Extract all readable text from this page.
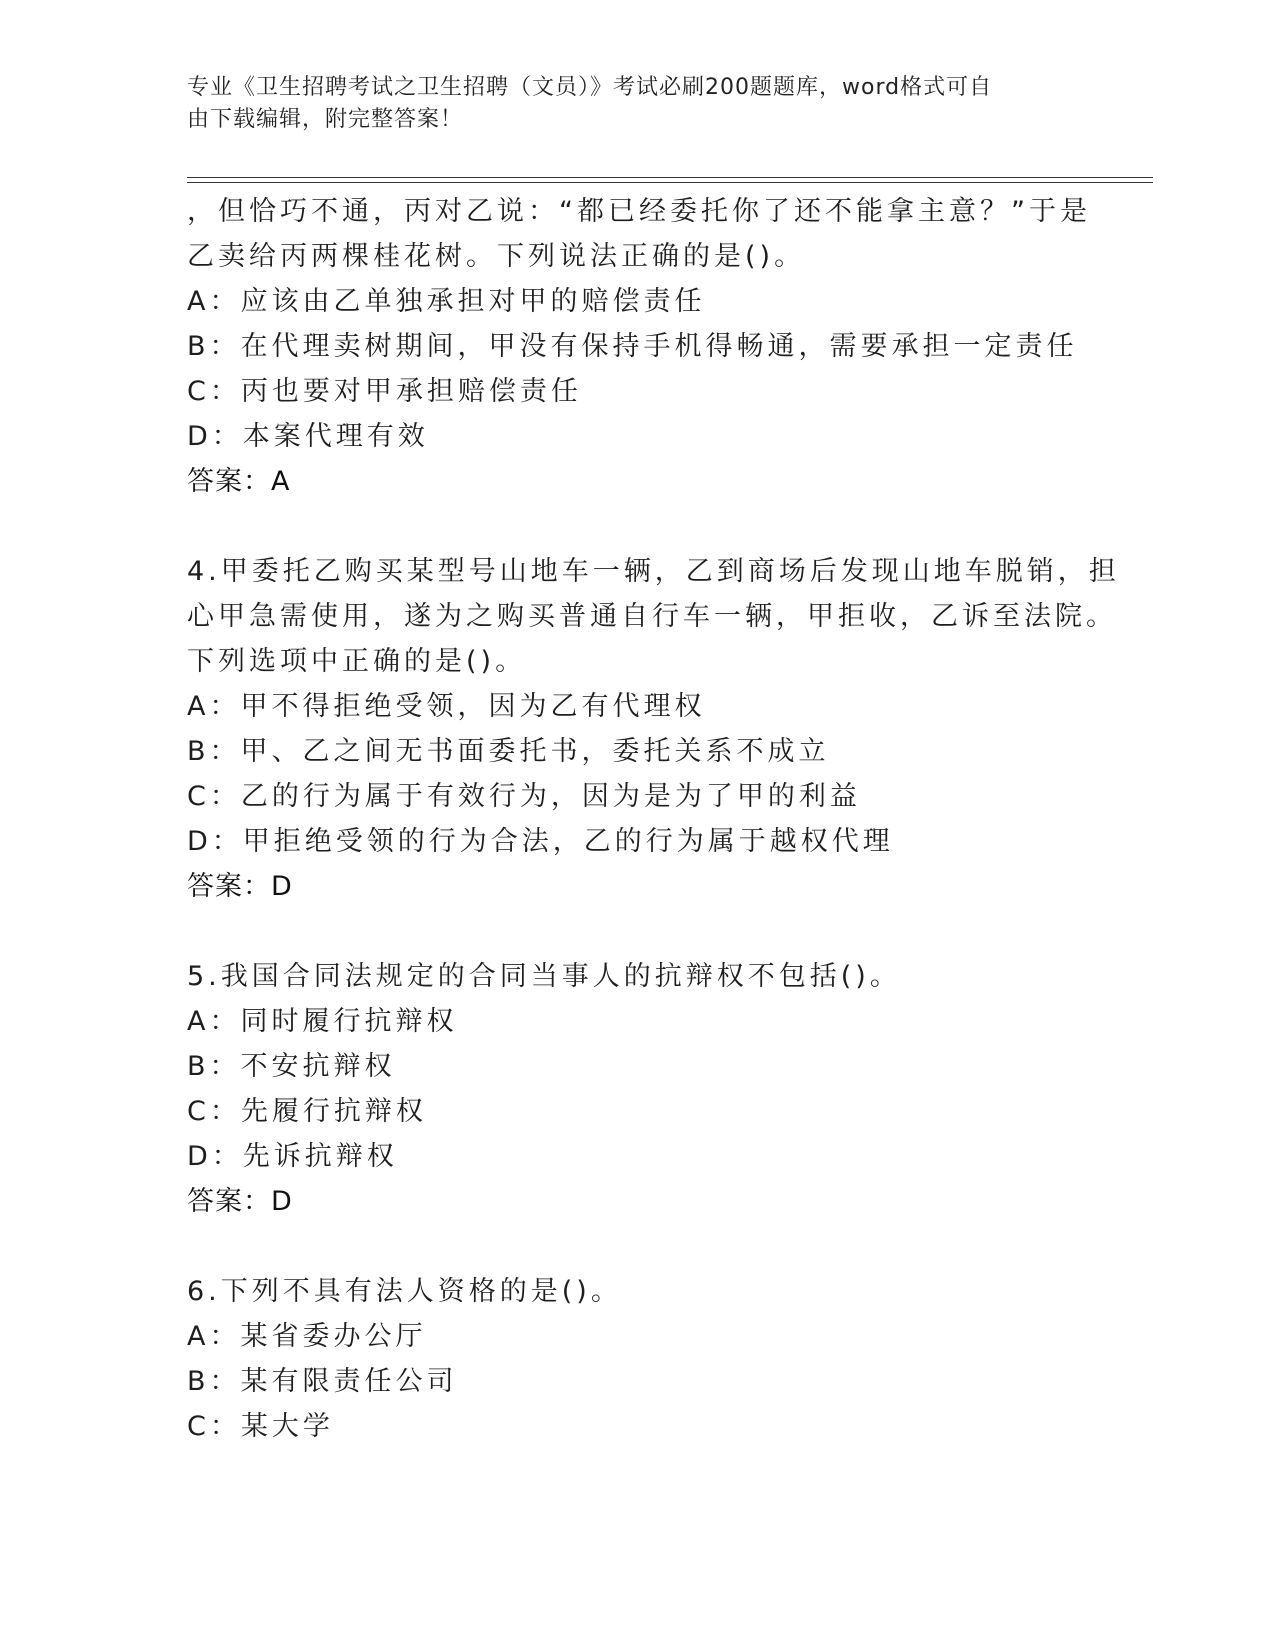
专业《卫生招聘考试之卫生招聘（文员）》考试必刷200题题库，word格式可自
由下载编辑，附完整答案！
，但恰巧不通，丙对乙说：“都已经委托你了还不能拿主意？”于是
乙卖给丙两棵桂花树。下列说法正确的是()。
A：应该由乙单独承担对甲的赔偿责任
B：在代理卖树期间，甲没有保持手机得畅通，需要承担一定责任
C：丙也要对甲承担赔偿责任
D：本案代理有效
答案：A
4.甲委托乙购买某型号山地车一辆，乙到商场后发现山地车脱销，担
心甲急需使用，遂为之购买普通自行车一辆，甲拒收，乙诉至法院。
下列选项中正确的是()。
A：甲不得拒绝受领，因为乙有代理权
B：甲、乙之间无书面委托书，委托关系不成立
C：乙的行为属于有效行为，因为是为了甲的利益
D：甲拒绝受领的行为合法，乙的行为属于越权代理
答案：D
5.我国合同法规定的合同当事人的抗辩权不包括()。
A：同时履行抗辩权
B：不安抗辩权
C：先履行抗辩权
D：先诉抗辩权
答案：D
6.下列不具有法人资格的是()。
A：某省委办公厅
B：某有限责任公司
C：某大学
